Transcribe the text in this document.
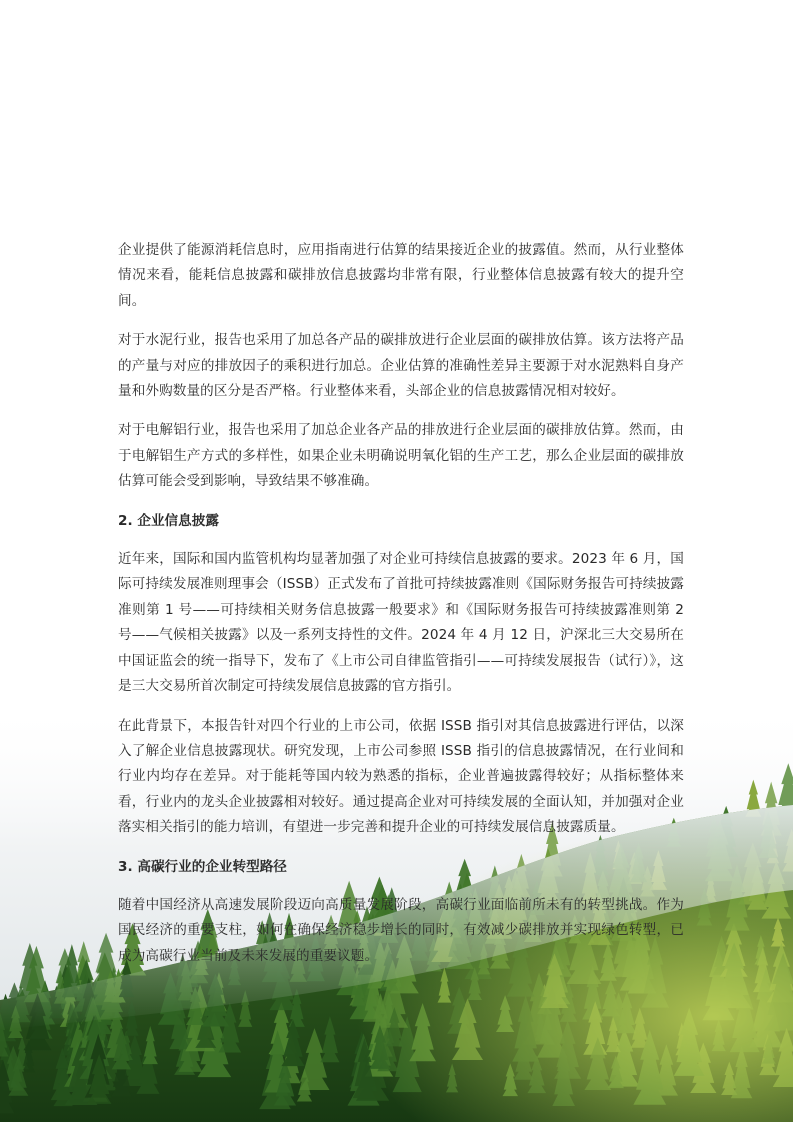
企业提供了能源消耗信息时，应用指南进行估算的结果接近企业的披露值。然而，从行业整体情况来看，能耗信息披露和碳排放信息披露均非常有限，行业整体信息披露有较大的提升空间。

对于水泥行业，报告也采用了加总各产品的碳排放进行企业层面的碳排放估算。该方法将产品的产量与对应的排放因子的乘积进行加总。企业估算的准确性差异主要源于对水泥熟料自身产量和外购数量的区分是否严格。行业整体来看，头部企业的信息披露情况相对较好。

对于电解铝行业，报告也采用了加总企业各产品的排放进行企业层面的碳排放估算。然而，由于电解铝生产方式的多样性，如果企业未明确说明氧化铝的生产工艺，那么企业层面的碳排放估算可能会受到影响，导致结果不够准确。

2. 企业信息披露

近年来，国际和国内监管机构均显著加强了对企业可持续信息披露的要求。2023 年 6 月，国际可持续发展准则理事会（ISSB）正式发布了首批可持续披露准则《国际财务报告可持续披露准则第 1 号——可持续相关财务信息披露一般要求》和《国际财务报告可持续披露准则第 2 号——气候相关披露》以及一系列支持性的文件。2024 年 4 月 12 日，沪深北三大交易所在中国证监会的统一指导下，发布了《上市公司自律监管指引——可持续发展报告（试行）》，这是三大交易所首次制定可持续发展信息披露的官方指引。

在此背景下，本报告针对四个行业的上市公司，依据 ISSB 指引对其信息披露进行评估，以深入了解企业信息披露现状。研究发现，上市公司参照 ISSB 指引的信息披露情况，在行业间和行业内均存在差异。对于能耗等国内较为熟悉的指标，企业普遍披露得较好；从指标整体来看，行业内的龙头企业披露相对较好。通过提高企业对可持续发展的全面认知，并加强对企业落实相关指引的能力培训，有望进一步完善和提升企业的可持续发展信息披露质量。

3. 高碳行业的企业转型路径

随着中国经济从高速发展阶段迈向高质量发展阶段，高碳行业面临前所未有的转型挑战。作为国民经济的重要支柱，如何在确保经济稳步增长的同时，有效减少碳排放并实现绿色转型，已成为高碳行业当前及未来发展的重要议题。
